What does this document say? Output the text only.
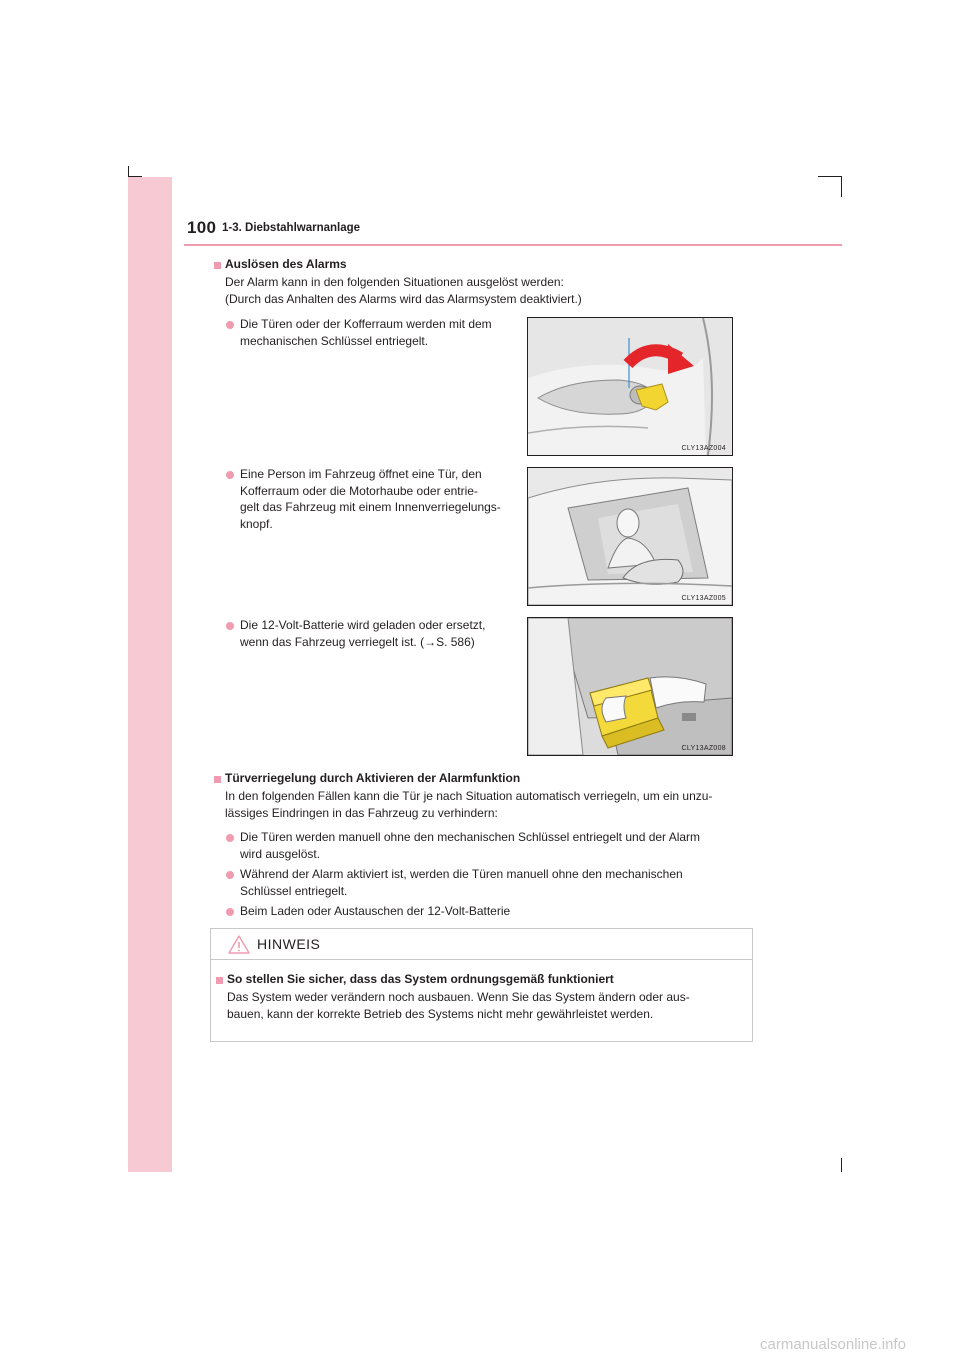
100 1-3. Diebstahlwarnanlage
Auslösen des Alarms
Der Alarm kann in den folgenden Situationen ausgelöst werden:
(Durch das Anhalten des Alarms wird das Alarmsystem deaktiviert.)
Die Türen oder der Kofferraum werden mit dem
mechanischen Schlüssel entriegelt.
CLY13AZ004
Eine Person im Fahrzeug öffnet eine Tür, den
Kofferraum oder die Motorhaube oder entrie-
gelt das Fahrzeug mit einem Innenverriegelungs-
knopf.
CLY13AZ005
Die 12-Volt-Batterie wird geladen oder ersetzt,
wenn das Fahrzeug verriegelt ist. (→S. 586)
CLY13AZ008
Türverriegelung durch Aktivieren der Alarmfunktion
In den folgenden Fällen kann die Tür je nach Situation automatisch verriegeln, um ein unzu-
lässiges Eindringen in das Fahrzeug zu verhindern:
Die Türen werden manuell ohne den mechanischen Schlüssel entriegelt und der Alarm
wird ausgelöst.
Während der Alarm aktiviert ist, werden die Türen manuell ohne den mechanischen
Schlüssel entriegelt.
Beim Laden oder Austauschen der 12-Volt-Batterie
HINWEIS
So stellen Sie sicher, dass das System ordnungsgemäß funktioniert
Das System weder verändern noch ausbauen. Wenn Sie das System ändern oder aus-
bauen, kann der korrekte Betrieb des Systems nicht mehr gewährleistet werden.
carmanualsonline.info
